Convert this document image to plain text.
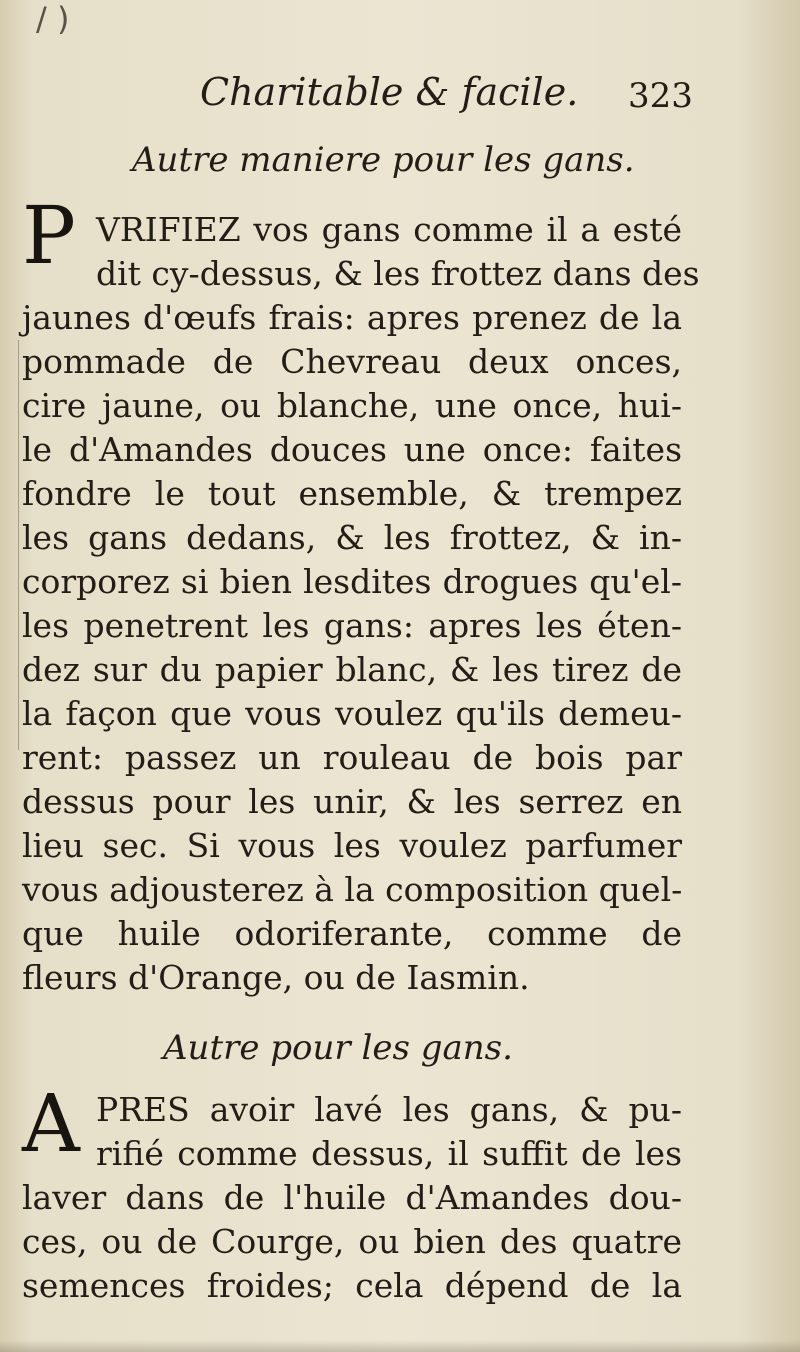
/ )
Charitable & facile. 323
Autre maniere pour les gans.
P VRIFIEZ vos gans comme il a esté
dit cy-dessus, & les frottez dans des
jaunes d'œufs frais: apres prenez de la
pommade de Chevreau deux onces,
cire jaune, ou blanche, une once, hui-
le d'Amandes douces une once: faites
fondre le tout ensemble, & trempez
les gans dedans, & les frottez, & in-
corporez si bien lesdites drogues qu'el-
les penetrent les gans: apres les éten-
dez sur du papier blanc, & les tirez de
la façon que vous voulez qu'ils demeu-
rent: passez un rouleau de bois par
dessus pour les unir, & les serrez en
lieu sec. Si vous les voulez parfumer
vous adjousterez à la composition quel-
que huile odoriferante, comme de
fleurs d'Orange, ou de Iasmin.
Autre pour les gans.
A PRES avoir lavé les gans, & pu-
rifié comme dessus, il suffit de les
laver dans de l'huile d'Amandes dou-
ces, ou de Courge, ou bien des quatre
semences froides; cela dépend de la
